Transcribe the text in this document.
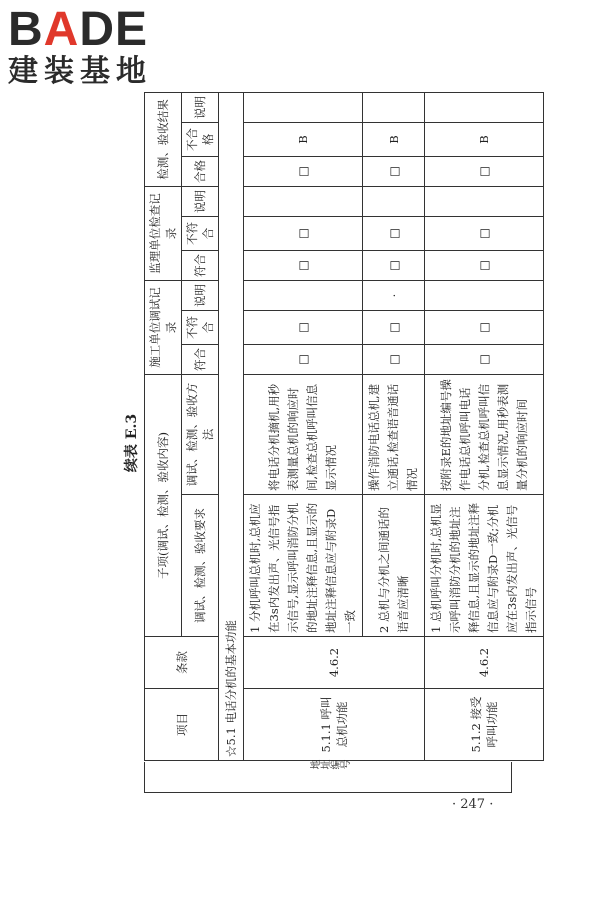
BADE
建装基地
续表 E.3
地址编号
项目	条款	子项(调试、检测、验收内容)		施工单位调试记录			监理单位检查记录			检测、验收结果		
		调试、检测、验收要求	调试、检测、验收方法	符合	不符合	说明	符合	不符合	说明	合格	不合格	说明
☆5.1 电话分机的基本功能												
5.1.1 呼叫总机功能	4.6.2	1 分机呼叫总机时,总机应在3s内发出声、光信号指示信号,显示呼叫消防分机的地址注释信息,且显示的地址注释信息应与附录D一致	将电话分机摘机,用秒表测量总机的响应时间,检查总机呼叫信息显示情况	□	□		□	□		□	B	
		2 总机与分机之间通话的语音应清晰	操作消防电话总机,建立通话,检查语音通话情况	□	□	·	□	□		□	B	
5.1.2 接受呼叫功能	4.6.2	1 总机呼叫分机时,总机显示呼叫消防分机的地址注释信息,且显示的地址注释信息应与附录D一致;分机应在3s内发出声、光信号指示信号	按附录E的地址编号操作电话总机呼叫电话分机,检查总机呼叫信息显示情况,用秒表测量分机的响应时间	□	□		□	□		□	B	
· 247 ·
